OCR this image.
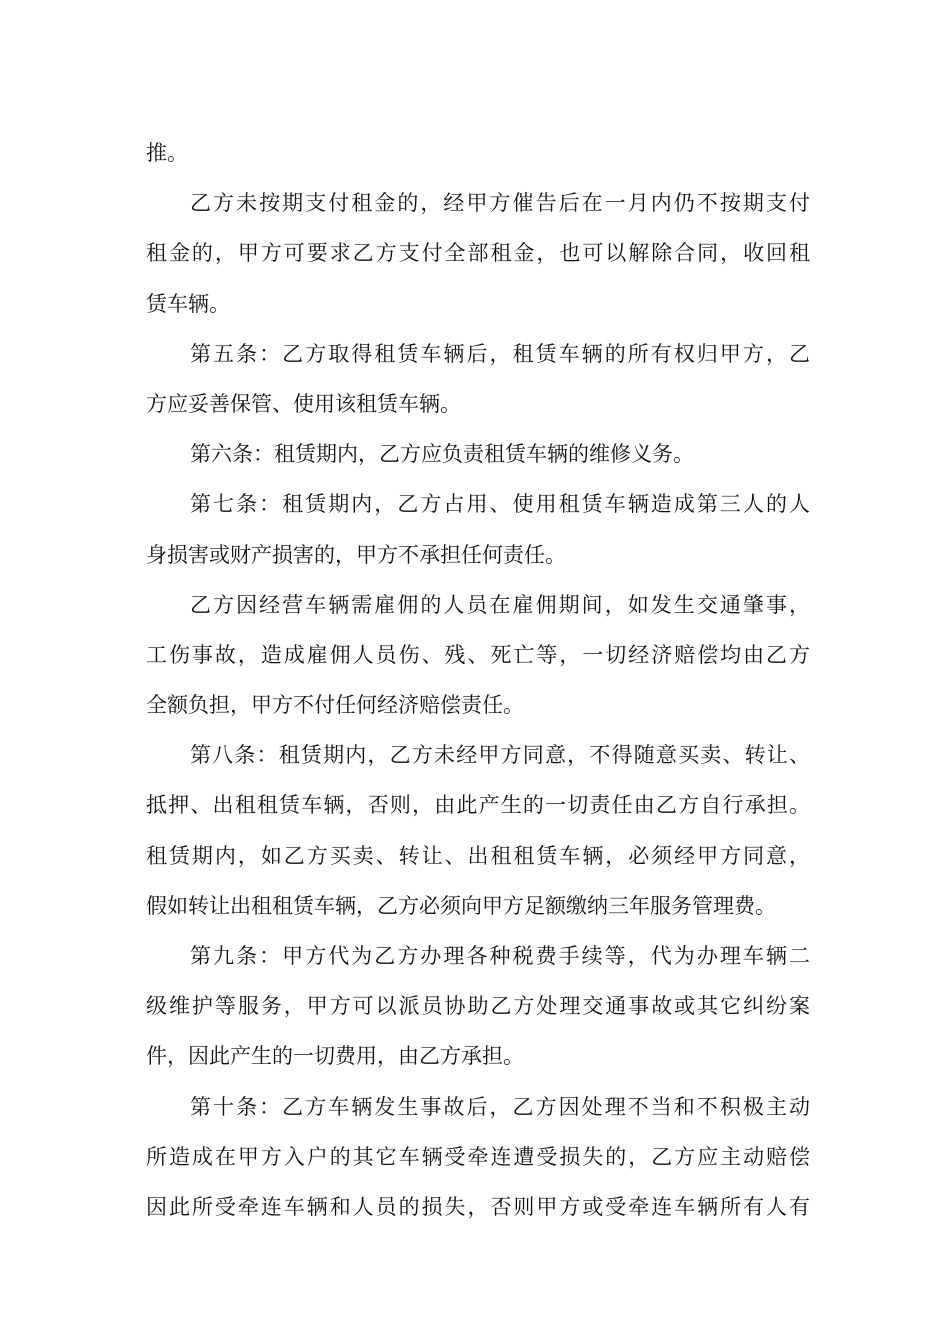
推。
乙方未按期支付租金的，经甲方催告后在一月内仍不按期支付
租金的，甲方可要求乙方支付全部租金，也可以解除合同，收回租
赁车辆。
第五条：乙方取得租赁车辆后，租赁车辆的所有权归甲方，乙
方应妥善保管、使用该租赁车辆。
第六条：租赁期内，乙方应负责租赁车辆的维修义务。
第七条：租赁期内，乙方占用、使用租赁车辆造成第三人的人
身损害或财产损害的，甲方不承担任何责任。
乙方因经营车辆需雇佣的人员在雇佣期间，如发生交通肇事，
工伤事故，造成雇佣人员伤、残、死亡等，一切经济赔偿均由乙方
全额负担，甲方不付任何经济赔偿责任。
第八条：租赁期内，乙方未经甲方同意，不得随意买卖、转让、
抵押、出租租赁车辆，否则，由此产生的一切责任由乙方自行承担。
租赁期内，如乙方买卖、转让、出租租赁车辆，必须经甲方同意，
假如转让出租租赁车辆，乙方必须向甲方足额缴纳三年服务管理费。
第九条：甲方代为乙方办理各种税费手续等，代为办理车辆二
级维护等服务，甲方可以派员协助乙方处理交通事故或其它纠纷案
件，因此产生的一切费用，由乙方承担。
第十条：乙方车辆发生事故后，乙方因处理不当和不积极主动
所造成在甲方入户的其它车辆受牵连遭受损失的，乙方应主动赔偿
因此所受牵连车辆和人员的损失，否则甲方或受牵连车辆所有人有
